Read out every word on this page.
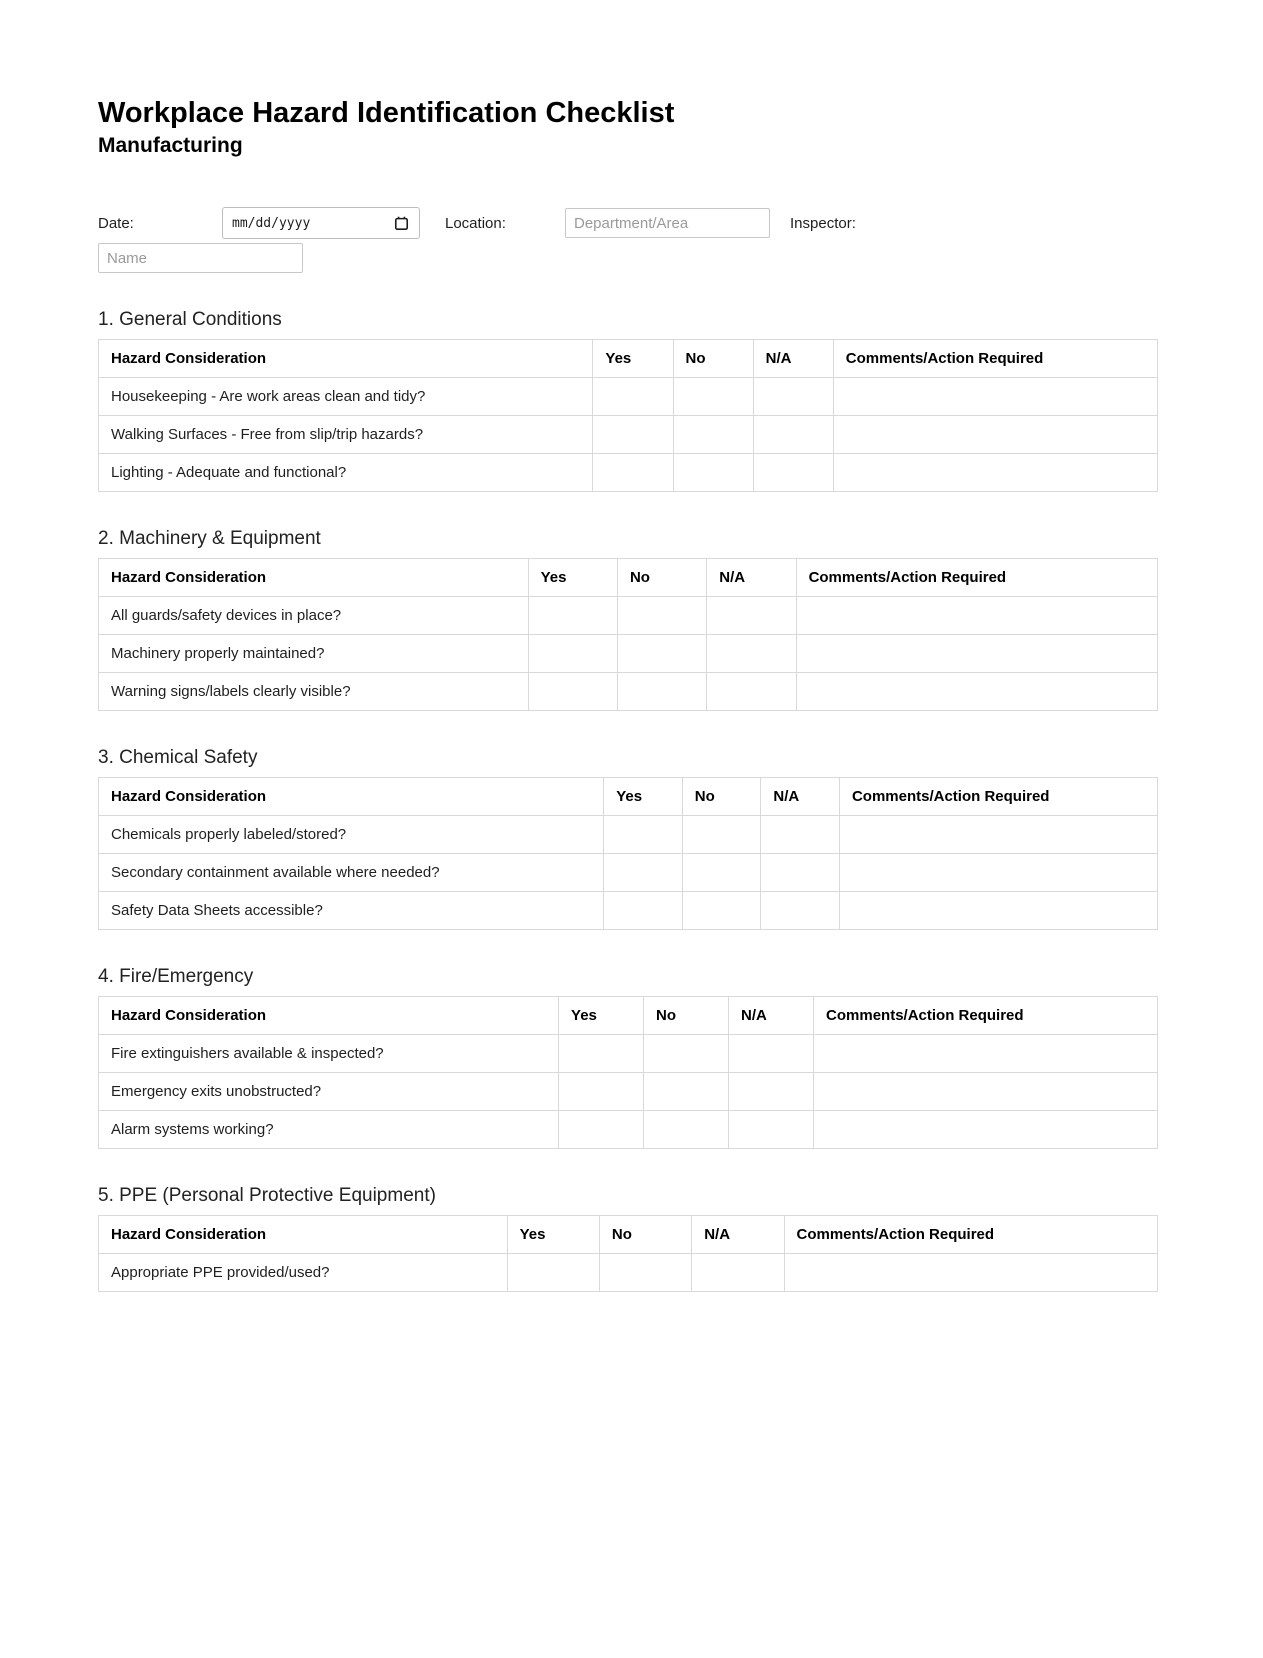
Workplace Hazard Identification Checklist
Manufacturing
Date:	mm/dd/yyyy	Location:
Department/Area	Inspector:
Name
1. General Conditions
Hazard Consideration	Yes	No	N/A	Comments/Action Required
Housekeeping - Are work areas clean and tidy?				
Walking Surfaces - Free from slip/trip hazards?				
Lighting - Adequate and functional?				
2. Machinery & Equipment
Hazard Consideration	Yes	No	N/A	Comments/Action Required
All guards/safety devices in place?				
Machinery properly maintained?				
Warning signs/labels clearly visible?				
3. Chemical Safety
Hazard Consideration	Yes	No	N/A	Comments/Action Required
Chemicals properly labeled/stored?				
Secondary containment available where needed?				
Safety Data Sheets accessible?				
4. Fire/Emergency
Hazard Consideration	Yes	No	N/A	Comments/Action Required
Fire extinguishers available & inspected?				
Emergency exits unobstructed?				
Alarm systems working?				
5. PPE (Personal Protective Equipment)
Hazard Consideration	Yes	No	N/A	Comments/Action Required
Appropriate PPE provided/used?				
